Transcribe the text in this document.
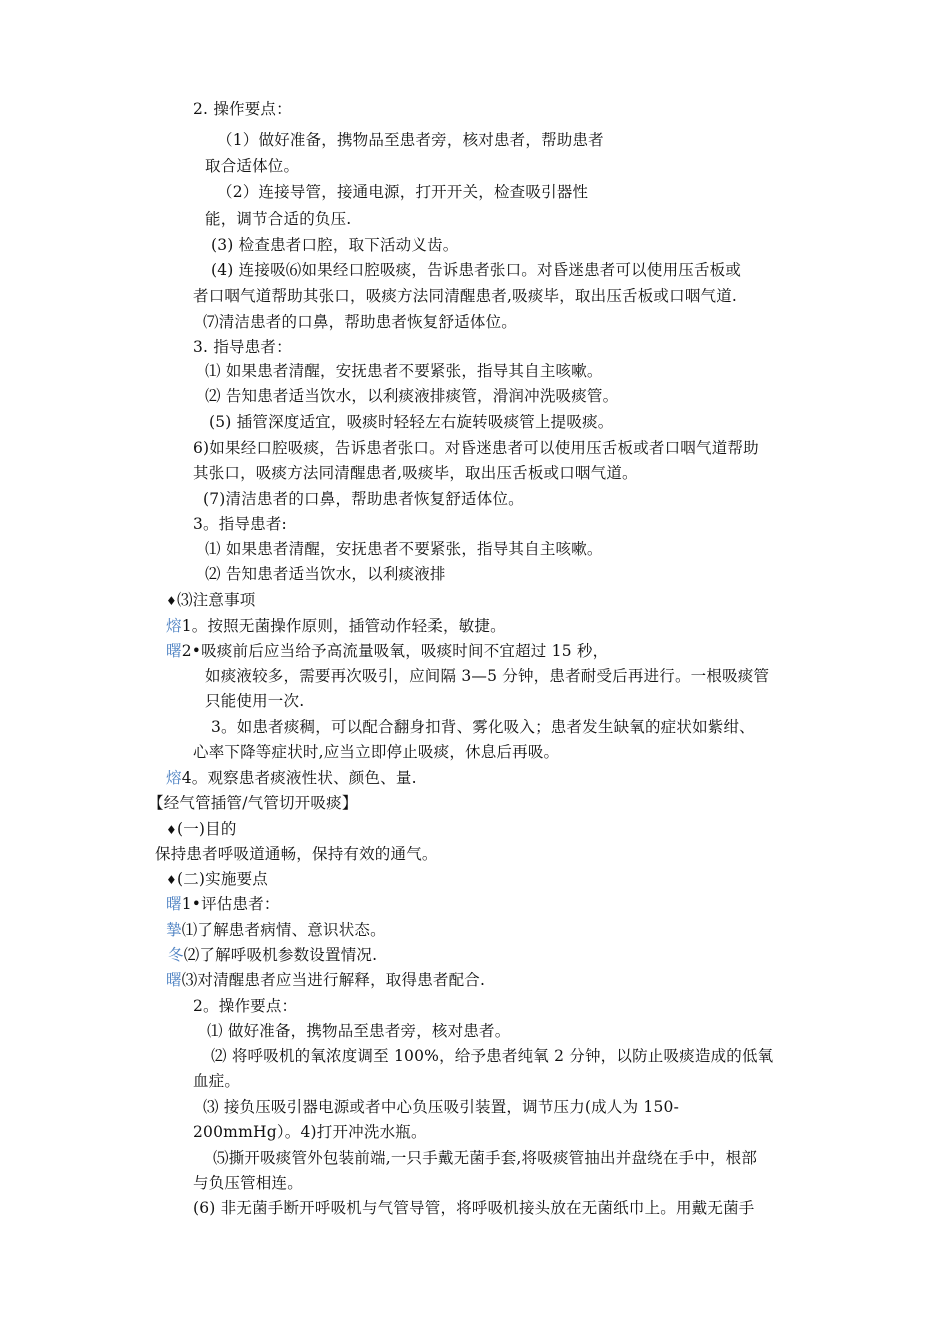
2. 操作要点：
（1）做好准备，携物品至患者旁，核对患者，帮助患者
取合适体位。
（2）连接导管，接通电源，打开开关，检查吸引器性
能，调节合适的负压.
(3) 检查患者口腔，取下活动义齿。
(4) 连接吸⑹如果经口腔吸痰，告诉患者张口。对昏迷患者可以使用压舌板或
者口咽气道帮助其张口，吸痰方法同清醒患者,吸痰毕，取出压舌板或口咽气道.
⑺清洁患者的口鼻，帮助患者恢复舒适体位。
3. 指导患者：
⑴ 如果患者清醒，安抚患者不要紧张，指导其自主咳嗽。
⑵ 告知患者适当饮水，以利痰液排痰管，滑润冲洗吸痰管。
(5) 插管深度适宜，吸痰时轻轻左右旋转吸痰管上提吸痰。
6)如果经口腔吸痰，告诉患者张口。对昏迷患者可以使用压舌板或者口咽气道帮助
其张口，吸痰方法同清醒患者,吸痰毕，取出压舌板或口咽气道。
(7)清洁患者的口鼻，帮助患者恢复舒适体位。
3。指导患者:
⑴ 如果患者清醒，安抚患者不要紧张，指导其自主咳嗽。
⑵ 告知患者适当饮水，以利痰液排
♦⑶注意事项
熔1。按照无菌操作原则，插管动作轻柔，敏捷。
曙2•吸痰前后应当给予高流量吸氧，吸痰时间不宜超过 15 秒，
如痰液较多，需要再次吸引，应间隔 3—5 分钟，患者耐受后再进行。一根吸痰管
只能使用一次.
3。如患者痰稠，可以配合翻身扣背、雾化吸入；患者发生缺氧的症状如紫绀、
心率下降等症状时,应当立即停止吸痰，休息后再吸。
熔4。观察患者痰液性状、颜色、量.
【经气管插管/气管切开吸痰】
♦(一)目的
保持患者呼吸道通畅，保持有效的通气。
♦(二)实施要点
曙1•评估患者：
摯⑴了解患者病情、意识状态。
冬⑵了解呼吸机参数设置情况.
曙⑶对清醒患者应当进行解释，取得患者配合.
2。操作要点：
⑴ 做好准备，携物品至患者旁，核对患者。
⑵ 将呼吸机的氧浓度调至 100%，给予患者纯氧 2 分钟，以防止吸痰造成的低氧
血症。
⑶ 接负压吸引器电源或者中心负压吸引装置，调节压力(成人为 150-
200mmHg）。4)打开冲洗水瓶。
⑸撕开吸痰管外包装前端,一只手戴无菌手套,将吸痰管抽出并盘绕在手中，根部
与负压管相连。
(6) 非无菌手断开呼吸机与气管导管，将呼吸机接头放在无菌纸巾上。用戴无菌手
